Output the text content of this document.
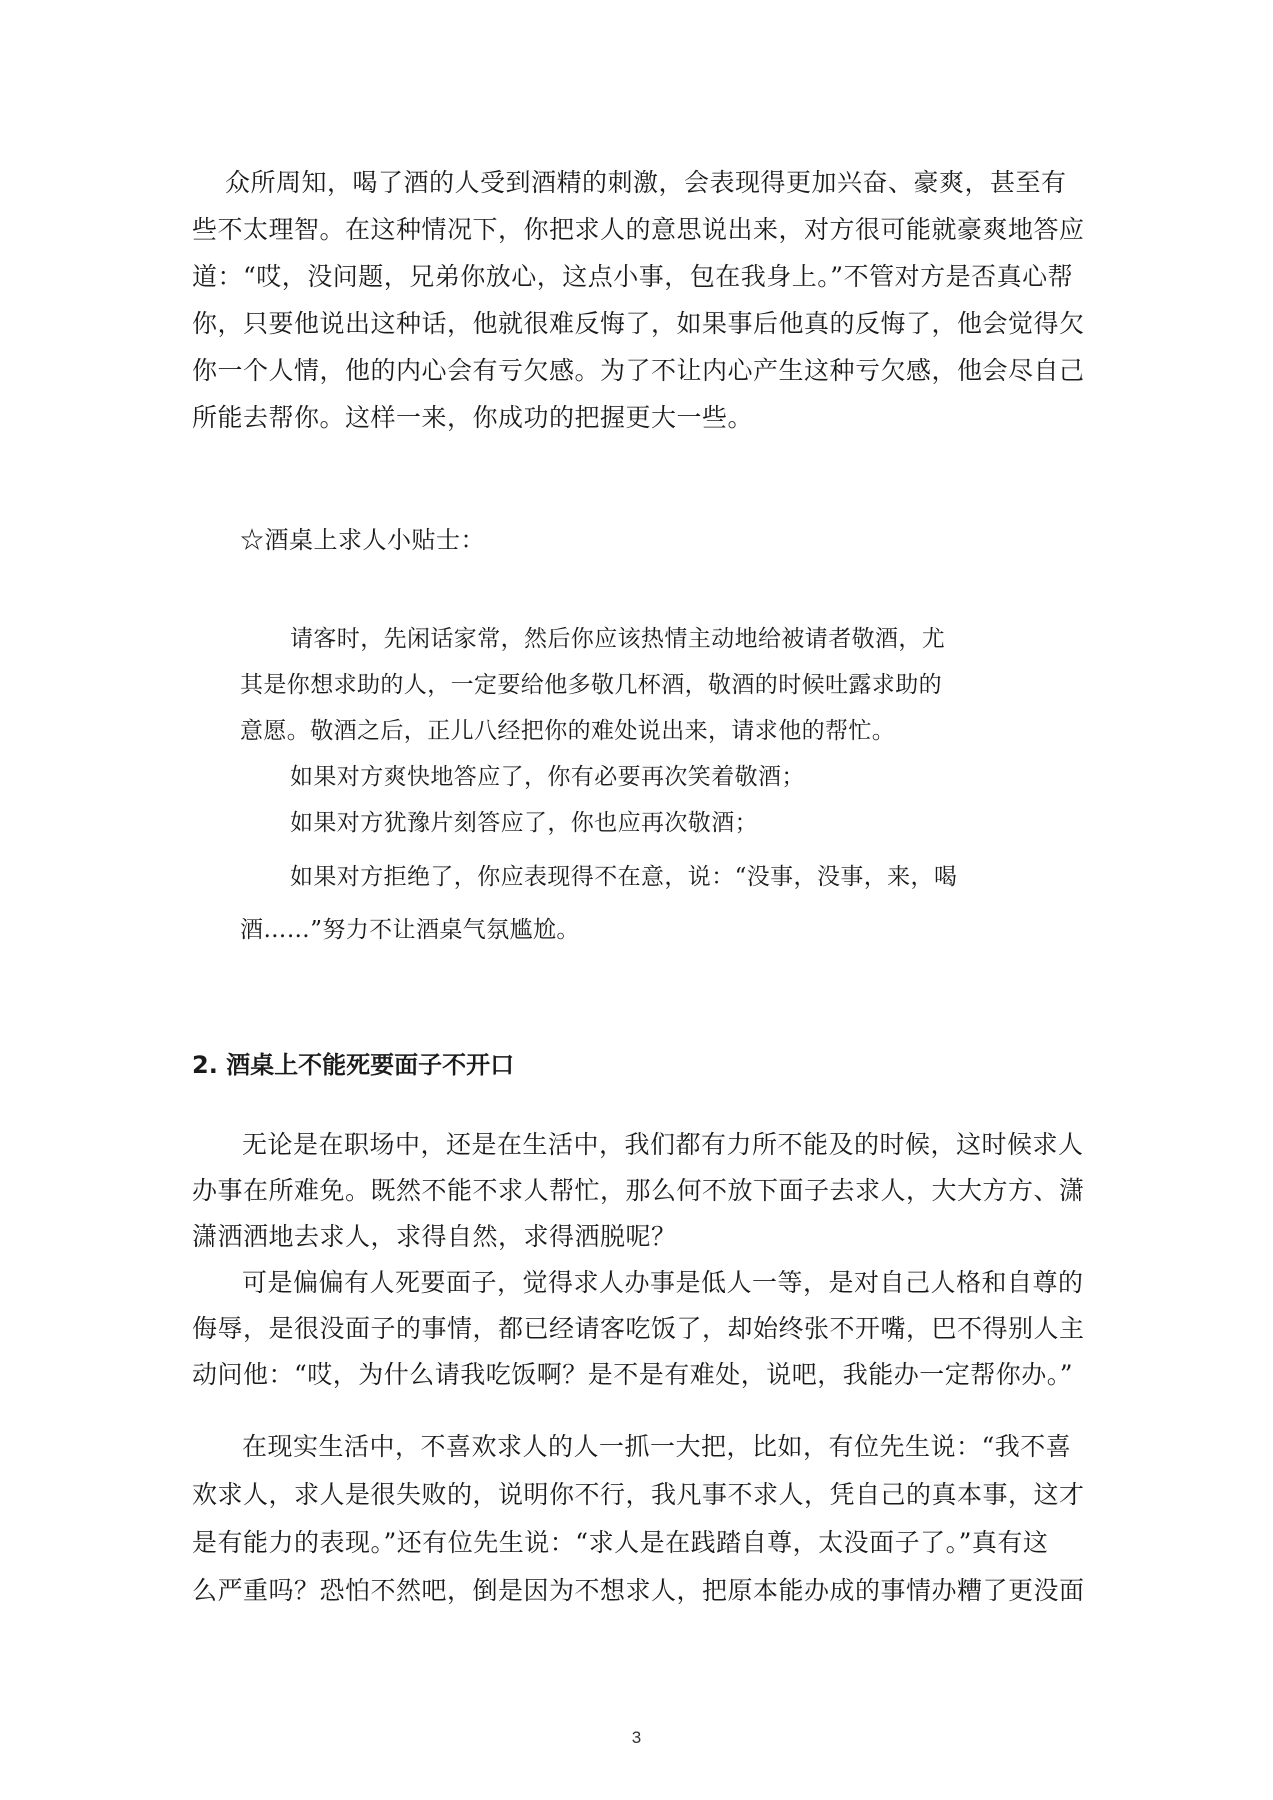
众所周知，喝了酒的人受到酒精的刺激，会表现得更加兴奋、豪爽，甚至有
些不太理智。在这种情况下，你把求人的意思说出来，对方很可能就豪爽地答应
道：“哎，没问题，兄弟你放心，这点小事，包在我身上。”不管对方是否真心帮
你，只要他说出这种话，他就很难反悔了，如果事后他真的反悔了，他会觉得欠
你一个人情，他的内心会有亏欠感。为了不让内心产生这种亏欠感，他会尽自己
所能去帮你。这样一来，你成功的把握更大一些。
☆酒桌上求人小贴士：
请客时，先闲话家常，然后你应该热情主动地给被请者敬酒，尤
其是你想求助的人，一定要给他多敬几杯酒，敬酒的时候吐露求助的
意愿。敬酒之后，正儿八经把你的难处说出来，请求他的帮忙。
如果对方爽快地答应了，你有必要再次笑着敬酒；
如果对方犹豫片刻答应了，你也应再次敬酒；
如果对方拒绝了，你应表现得不在意，说：“没事，没事，来，喝
酒……”努力不让酒桌气氛尴尬。
2. 酒桌上不能死要面子不开口
无论是在职场中，还是在生活中，我们都有力所不能及的时候，这时候求人
办事在所难免。既然不能不求人帮忙，那么何不放下面子去求人，大大方方、潇
潇洒洒地去求人，求得自然，求得洒脱呢？
可是偏偏有人死要面子，觉得求人办事是低人一等，是对自己人格和自尊的
侮辱，是很没面子的事情，都已经请客吃饭了，却始终张不开嘴，巴不得别人主
动问他：“哎，为什么请我吃饭啊？是不是有难处，说吧，我能办一定帮你办。”
在现实生活中，不喜欢求人的人一抓一大把，比如，有位先生说：“我不喜
欢求人，求人是很失败的，说明你不行，我凡事不求人，凭自己的真本事，这才
是有能力的表现。”还有位先生说：“求人是在践踏自尊，太没面子了。”真有这
么严重吗？恐怕不然吧，倒是因为不想求人，把原本能办成的事情办糟了更没面
3
